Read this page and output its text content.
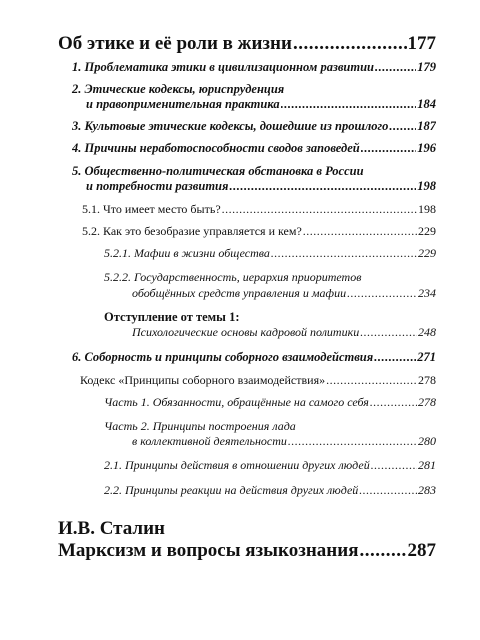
Об этике и её роли в жизни .....	177
1. Проблематика этики в цивилизационном развитии .....	179
2. Этические кодексы, юриспруденция
и правоприменительная практика .....	184
3. Культовые этические кодексы, дошедшие из прошлого ..... 187
4. Причины неработоспособности сводов заповедей .....	196
5. Общественно-политическая обстановка в России
и потребности развития .....	198
5.1. Что имеет место быть? .....	198
5.2. Как это безобразие управляется и кем? .....	229
5.2.1. Мафии в жизни общества .....	229
5.2.2. Государственность, иерархия приоритетов
обобщённых средств управления и мафии .....	234
Отступление от темы 1:
Психологические основы кадровой политики .....	248
6. Соборность и принципы соборного взаимодействия .....	271
Кодекс «Принципы соборного взаимодействия» .....	278
Часть 1. Обязанности, обращённые на самого себя .....	278
Часть 2. Принципы построения лада
в коллективной деятельности .....	280
2.1. Принципы действия в отношении других людей .....	281
2.2. Принципы реакции на действия других людей .....	283
И.В. Сталин
Марксизм и вопросы языкознания .....	287
